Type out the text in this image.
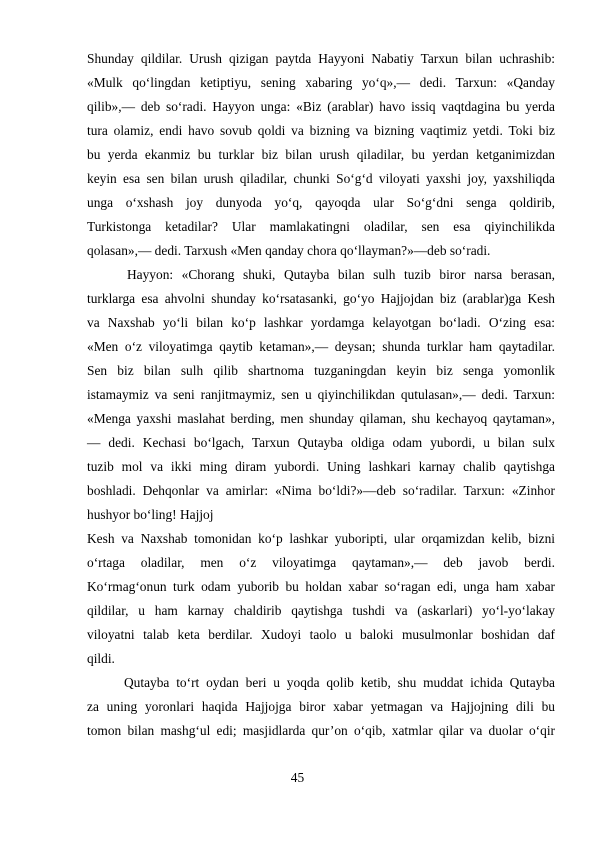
Shunday qildilar. Urush qizigan paytda Hayyoni Nabatiy Tarxun bilan uchrashib:
«Mulk qo‘lingdan ketiptiyu, sening xabaring yo‘q»,— dedi. Tarxun: «Qanday
qilib»,— deb so‘radi. Hayyon unga: «Biz (arablar) havo issiq vaqtdagina bu yerda
tura olamiz, endi havo sovub qoldi va bizning va bizning vaqtimiz yetdi. Toki biz
bu yerda ekanmiz bu turklar biz bilan urush qiladilar, bu yerdan ketganimizdan
keyin esa sen bilan urush qiladilar, chunki So‘g‘d viloyati yaxshi joy, yaxshiliqda
unga o‘xshash joy dunyoda yo‘q, qayoqda ular So‘g‘dni senga qoldirib,
Turkistonga ketadilar? Ular mamlakatingni oladilar, sen esa qiyinchilikda
qolasan»,— dedi. Tarxush «Men qanday chora qo‘llayman?»—deb so‘radi.
Hayyon: «Chorang shuki, Qutayba bilan sulh tuzib biror narsa berasan,
turklarga esa ahvolni shunday ko‘rsatasanki, go‘yo Hajjojdan biz (arablar)ga Kesh
va Naxshab yo‘li bilan ko‘p lashkar yordamga kelayotgan bo‘ladi. O‘zing esa:
«Men o‘z viloyatimga qaytib ketaman»,— deysan; shunda turklar ham qaytadilar.
Sen biz bilan sulh qilib shartnoma tuzganingdan keyin biz senga yomonlik
istamaymiz va seni ranjitmaymiz, sen u qiyinchilikdan qutulasan»,— dedi. Tarxun:
«Menga yaxshi maslahat berding, men shunday qilaman, shu kechayoq qaytaman»,
— dedi. Kechasi bo‘lgach, Tarxun Qutayba oldiga odam yubordi, u bilan sulx
tuzib mol va ikki ming diram yubordi. Uning lashkari karnay chalib qaytishga
boshladi. Dehqonlar va amirlar: «Nima bo‘ldi?»—deb so‘radilar. Tarxun: «Zinhor
hushyor bo‘ling! Hajjoj
Kesh va Naxshab tomonidan ko‘p lashkar yuboripti, ular orqamizdan kelib, bizni
o‘rtaga oladilar, men o‘z viloyatimga qaytaman»,— deb javob berdi.
Ko‘rmag‘onun turk odam yuborib bu holdan xabar so‘ragan edi, unga ham xabar
qildilar, u ham karnay chaldirib qaytishga tushdi va (askarlari) yo‘l-yo‘lakay
viloyatni talab keta berdilar. Xudoyi taolo u baloki musulmonlar boshidan daf
qildi.
Qutayba to‘rt oydan beri u yoqda qolib ketib, shu muddat ichida Qutayba
za uning yoronlari haqida Hajjojga biror xabar yetmagan va Hajjojning dili bu
tomon bilan mashg‘ul edi; masjidlarda qur’on o‘qib, xatmlar qilar va duolar o‘qir
45
